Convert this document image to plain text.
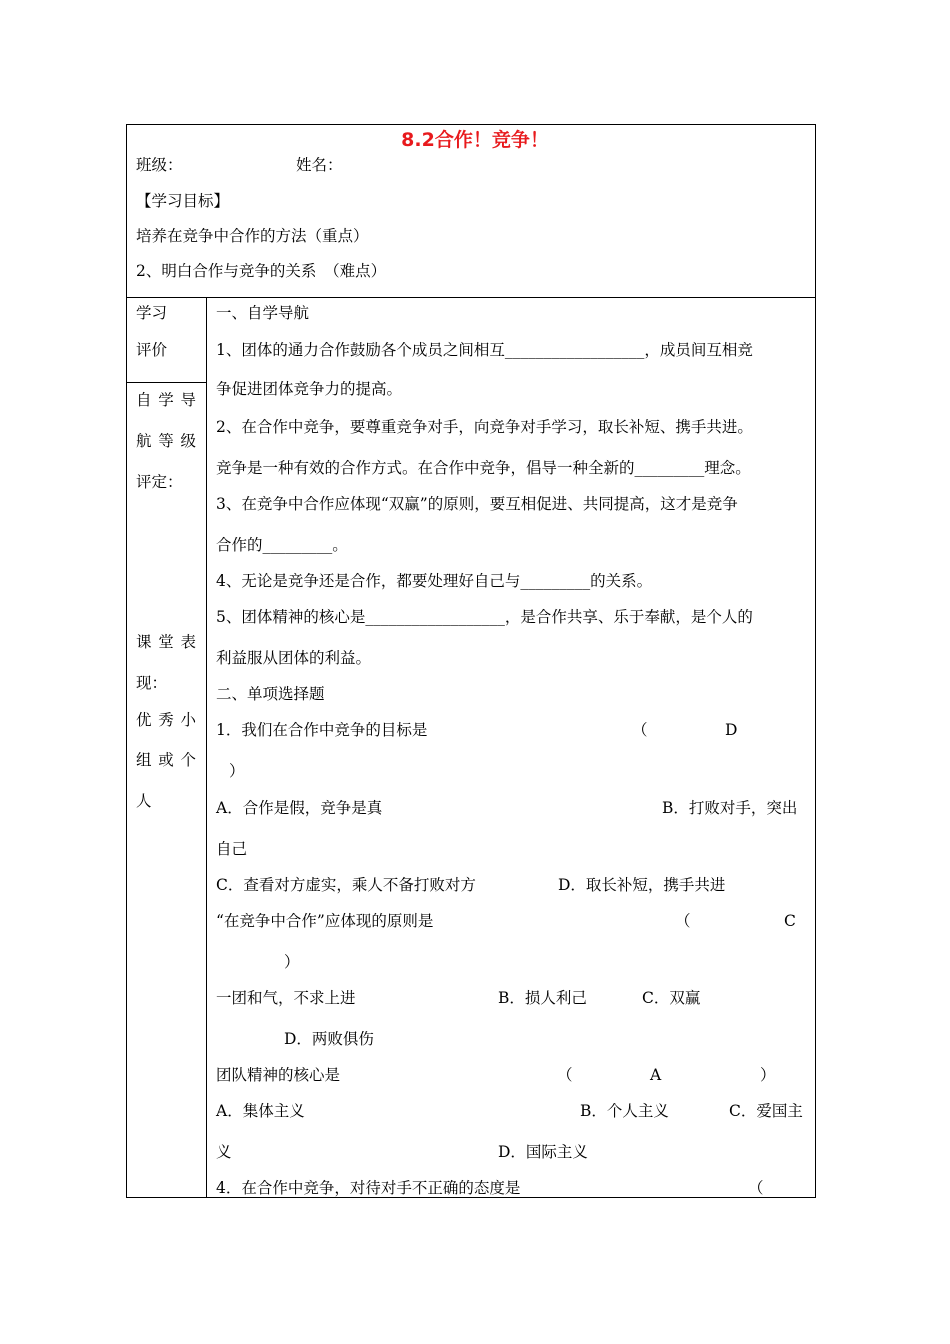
8.2合作！竞争！
班级：	姓名：
【学习目标】
培养在竞争中合作的方法（重点）
2、明白合作与竞争的关系　（难点）
学习
评价
自 学 导
航 等 级
评定：
课 堂 表
现：
优 秀 小
组 或 个
人
一、自学导航
1、团体的通力合作鼓励各个成员之间相互__________________，成员间互相竞
争促进团体竞争力的提高。
2、在合作中竞争，要尊重竞争对手，向竞争对手学习，取长补短、携手共进。
竞争是一种有效的合作方式。在合作中竞争，倡导一种全新的_________理念。
3、在竞争中合作应体现“双赢”的原则，要互相促进、共同提高，这才是竞争
合作的_________。
4、无论是竞争还是合作，都要处理好自己与_________的关系。
5、团体精神的核心是__________________，是合作共享、乐于奉献，是个人的
利益服从团体的利益。
二、单项选择题
1．我们在合作中竞争的目标是	（	D
）
A．合作是假，竞争是真	B．打败对手，突出
自己
C．查看对方虚实，乘人不备打败对方	D．取长补短，携手共进
“在竞争中合作”应体现的原则是	（	C
）
一团和气，不求上进	B．损人利己	C．双赢
D．两败俱伤
团队精神的核心是	（	A	）
A．集体主义	B．个人主义	C．爱国主
义	D．国际主义
4．在合作中竞争，对待对手不正确的态度是	（
